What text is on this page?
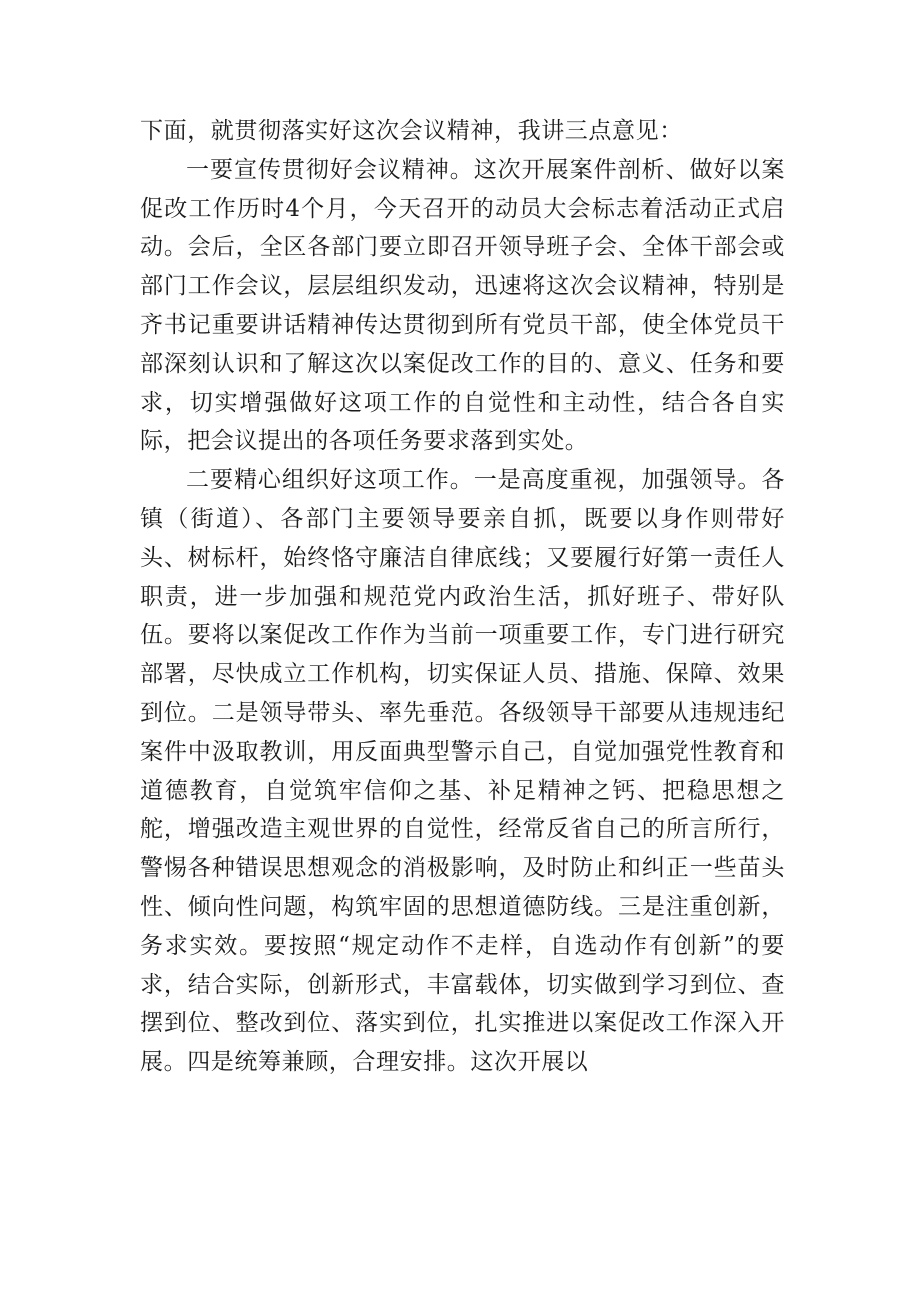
下面，就贯彻落实好这次会议精神，我讲三点意见：

一要宣传贯彻好会议精神。这次开展案件剖析、做好以案促改工作历时4个月，今天召开的动员大会标志着活动正式启动。会后，全区各部门要立即召开领导班子会、全体干部会或部门工作会议，层层组织发动，迅速将这次会议精神，特别是齐书记重要讲话精神传达贯彻到所有党员干部，使全体党员干部深刻认识和了解这次以案促改工作的目的、意义、任务和要求，切实增强做好这项工作的自觉性和主动性，结合各自实际，把会议提出的各项任务要求落到实处。

二要精心组织好这项工作。一是高度重视，加强领导。各镇（街道）、各部门主要领导要亲自抓，既要以身作则带好头、树标杆，始终恪守廉洁自律底线；又要履行好第一责任人职责，进一步加强和规范党内政治生活，抓好班子、带好队伍。要将以案促改工作作为当前一项重要工作，专门进行研究部署，尽快成立工作机构，切实保证人员、措施、保障、效果到位。二是领导带头、率先垂范。各级领导干部要从违规违纪案件中汲取教训，用反面典型警示自己，自觉加强党性教育和道德教育，自觉筑牢信仰之基、补足精神之钙、把稳思想之舵，增强改造主观世界的自觉性，经常反省自己的所言所行，警惕各种错误思想观念的消极影响，及时防止和纠正一些苗头性、倾向性问题，构筑牢固的思想道德防线。三是注重创新，务求实效。要按照“规定动作不走样，自选动作有创新”的要求，结合实际，创新形式，丰富载体，切实做到学习到位、查摆到位、整改到位、落实到位，扎实推进以案促改工作深入开展。四是统筹兼顾，合理安排。这次开展以
